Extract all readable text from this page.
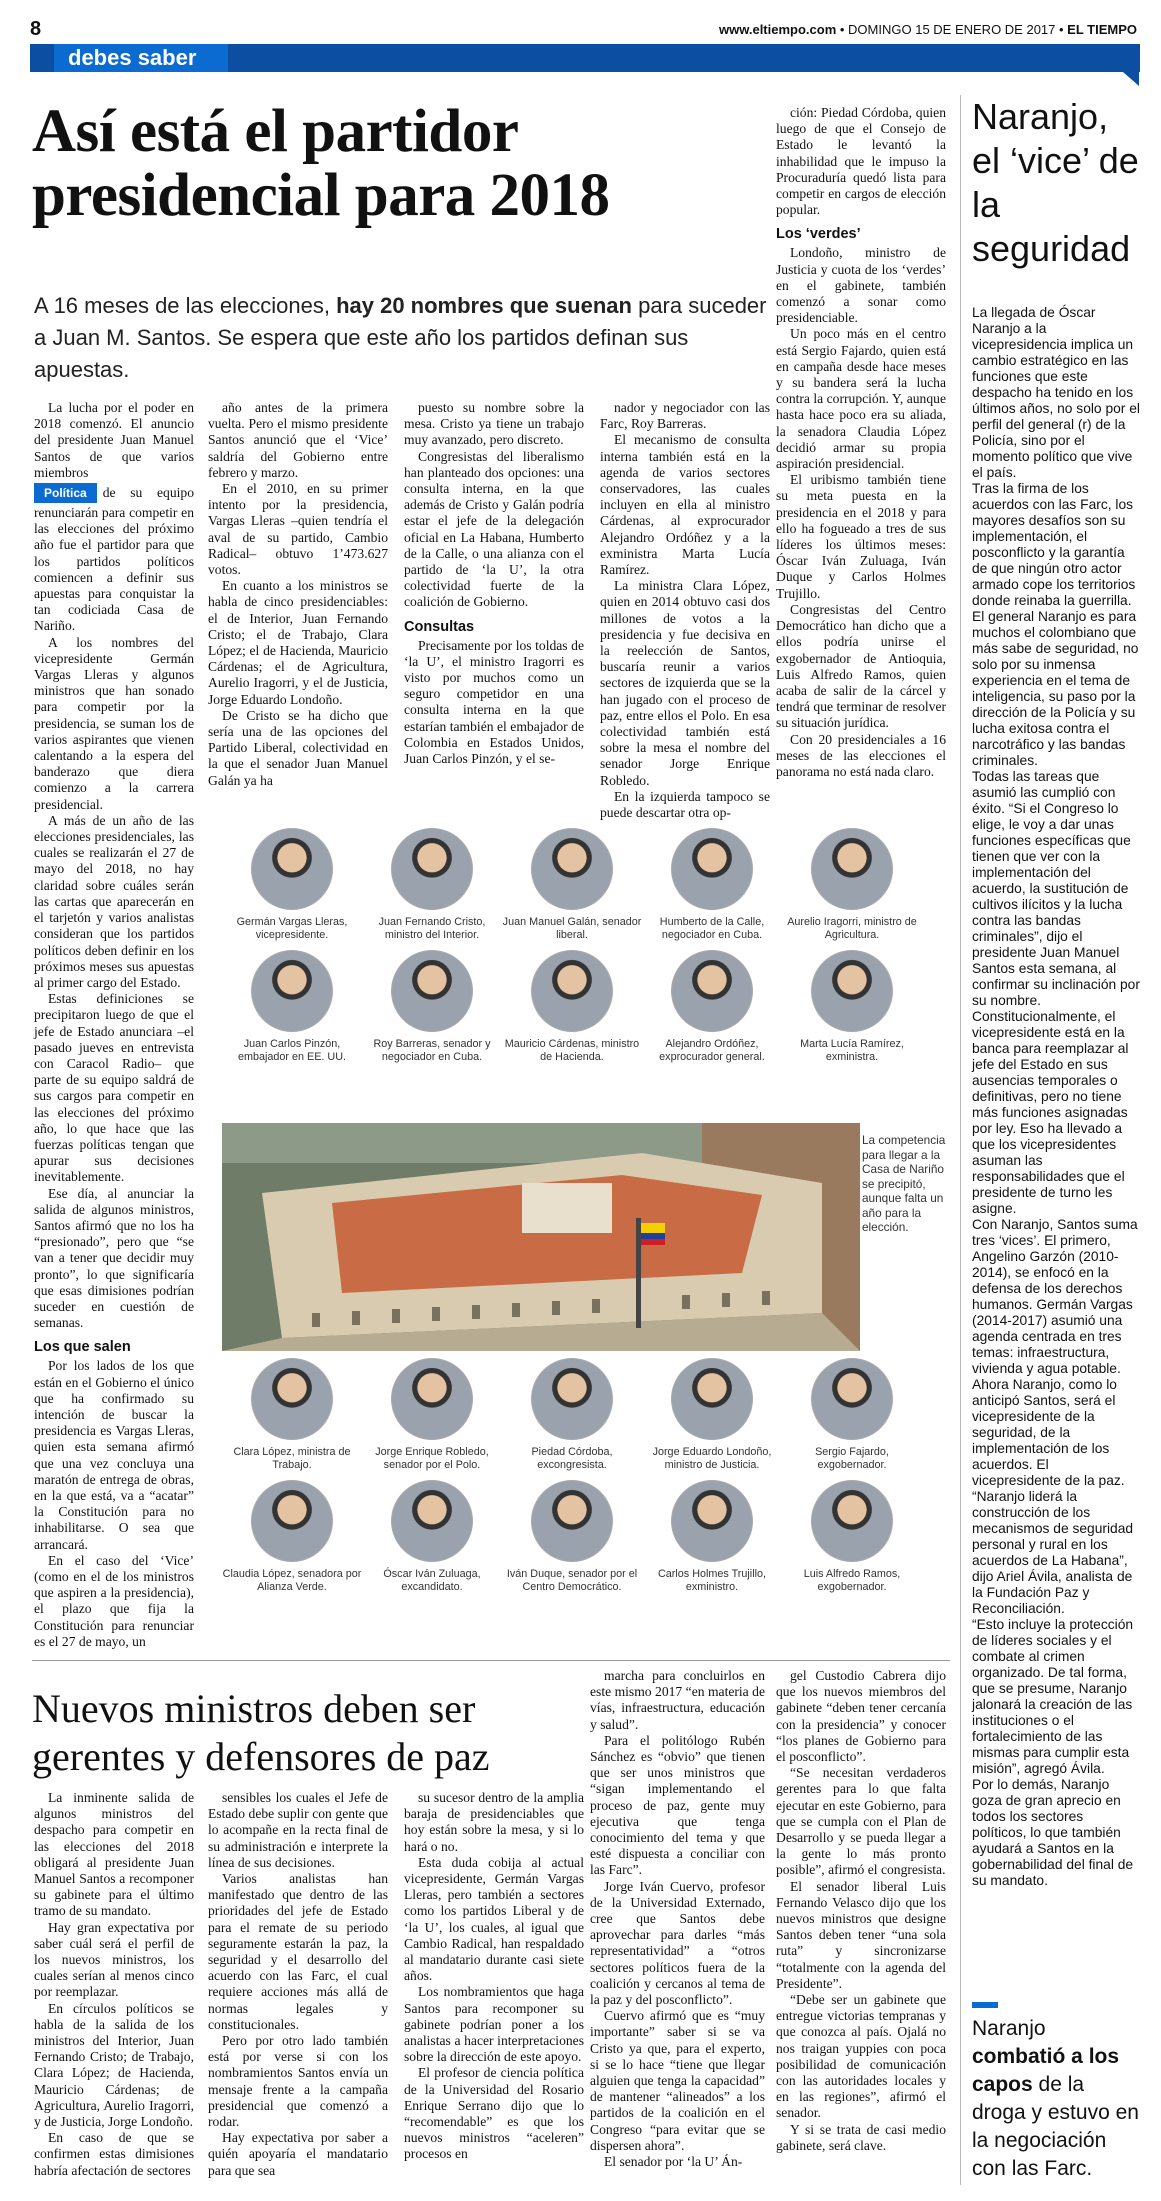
8	www.eltiempo.com • DOMINGO 15 DE ENERO DE 2017 • EL TIEMPO
debes saber
Así está el partidor presidencial para 2018
A 16 meses de las elecciones, hay 20 nombres que suenan para suceder a Juan M. Santos. Se espera que este año los partidos definan sus apuestas.

La lucha por el poder en 2018 comenzó. El anuncio del presidente Juan Manuel Santos de que varios miembros

Política de su equipo renunciarán para competir en las elecciones del próximo año fue el partidor para que los partidos políticos comiencen a definir sus apuestas para conquistar la tan codiciada Casa de Nariño.

A los nombres del vicepresidente Germán Vargas Lleras y algunos ministros que han sonado para competir por la presidencia, se suman los de varios aspirantes que vienen calentando a la espera del banderazo que diera comienzo a la carrera presidencial.

A más de un año de las elecciones presidenciales, las cuales se realizarán el 27 de mayo del 2018, no hay claridad sobre cuáles serán las cartas que aparecerán en el tarjetón y varios analistas consideran que los partidos políticos deben definir en los próximos meses sus apuestas al primer cargo del Estado.

Estas definiciones se precipitaron luego de que el jefe de Estado anunciara –el pasado jueves en entrevista con Caracol Radio– que parte de su equipo saldrá de sus cargos para competir en las elecciones del próximo año, lo que hace que las fuerzas políticas tengan que apurar sus decisiones inevitablemente.

Ese día, al anunciar la salida de algunos ministros, Santos afirmó que no los ha “presionado”, pero que “se van a tener que decidir muy pronto”, lo que significaría que esas dimisiones podrían suceder en cuestión de semanas.

Los que salen

Por los lados de los que están en el Gobierno el único que ha confirmado su intención de buscar la presidencia es Vargas Lleras, quien esta semana afirmó que una vez concluya una maratón de entrega de obras, en la que está, va a “acatar” la Constitución para no inhabilitarse. O sea que arrancará.

En el caso del ‘Vice’ (como en el de los ministros que aspiren a la presidencia), el plazo que fija la Constitución para renunciar es el 27 de mayo, un

año antes de la primera vuelta. Pero el mismo presidente Santos anunció que el ‘Vice’ saldría del Gobierno entre febrero y marzo.

En el 2010, en su primer intento por la presidencia, Vargas Lleras –quien tendría el aval de su partido, Cambio Radical– obtuvo 1’473.627 votos.

En cuanto a los ministros se habla de cinco presidenciables: el de Interior, Juan Fernando Cristo; el de Trabajo, Clara López; el de Hacienda, Mauricio Cárdenas; el de Agricultura, Aurelio Iragorri, y el de Justicia, Jorge Eduardo Londoño.

De Cristo se ha dicho que sería una de las opciones del Partido Liberal, colectividad en la que el senador Juan Manuel Galán ya ha

puesto su nombre sobre la mesa. Cristo ya tiene un trabajo muy avanzado, pero discreto.

Congresistas del liberalismo han planteado dos opciones: una consulta interna, en la que además de Cristo y Galán podría estar el jefe de la delegación oficial en La Habana, Humberto de la Calle, o una alianza con el partido de ‘la U’, la otra colectividad fuerte de la coalición de Gobierno.

Consultas

Precisamente por los toldas de ‘la U’, el ministro Iragorri es visto por muchos como un seguro competidor en una consulta interna en la que estarían también el embajador de Colombia en Estados Unidos, Juan Carlos Pinzón, y el se-

nador y negociador con las Farc, Roy Barreras.

El mecanismo de consulta interna también está en la agenda de varios sectores conservadores, las cuales incluyen en ella al ministro Cárdenas, al exprocurador Alejandro Ordóñez y a la exministra Marta Lucía Ramírez.

La ministra Clara López, quien en 2014 obtuvo casi dos millones de votos a la presidencia y fue decisiva en la reelección de Santos, buscaría reunir a varios sectores de izquierda que se la han jugado con el proceso de paz, entre ellos el Polo. En esa colectividad también está sobre la mesa el nombre del senador Jorge Enrique Robledo.

En la izquierda tampoco se puede descartar otra op-

ción: Piedad Córdoba, quien luego de que el Consejo de Estado le levantó la inhabilidad que le impuso la Procuraduría quedó lista para competir en cargos de elección popular.

Los ‘verdes’

Londoño, ministro de Justicia y cuota de los ‘verdes’ en el gabinete, también comenzó a sonar como presidenciable.

Un poco más en el centro está Sergio Fajardo, quien está en campaña desde hace meses y su bandera será la lucha contra la corrupción. Y, aunque hasta hace poco era su aliada, la senadora Claudia López decidió armar su propia aspiración presidencial.

El uribismo también tiene su meta puesta en la presidencia en el 2018 y para ello ha fogueado a tres de sus líderes los últimos meses: Óscar Iván Zuluaga, Iván Duque y Carlos Holmes Trujillo.

Congresistas del Centro Democrático han dicho que a ellos podría unirse el exgobernador de Antioquia, Luis Alfredo Ramos, quien acaba de salir de la cárcel y tendrá que terminar de resolver su situación jurídica.

Con 20 presidenciales a 16 meses de las elecciones el panorama no está nada claro.

Germán Vargas Lleras, vicepresidente.
Juan Fernando Cristo, ministro del Interior.
Juan Manuel Galán, senador liberal.
Humberto de la Calle, negociador en Cuba.
Aurelio Iragorri, ministro de Agricultura.
Juan Carlos Pinzón, embajador en EE. UU.
Roy Barreras, senador y negociador en Cuba.
Mauricio Cárdenas, ministro de Hacienda.
Alejandro Ordóñez, exprocurador general.
Marta Lucía Ramírez, exministra.
La competencia para llegar a la Casa de Nariño se precipitó, aunque falta un año para la elección.
Clara López, ministra de Trabajo.
Jorge Enrique Robledo, senador por el Polo.
Piedad Córdoba, excongresista.
Jorge Eduardo Londoño, ministro de Justicia.
Sergio Fajardo, exgobernador.
Claudia López, senadora por Alianza Verde.
Óscar Iván Zuluaga, excandidato.
Iván Duque, senador por el Centro Democrático.
Carlos Holmes Trujillo, exministro.
Luis Alfredo Ramos, exgobernador.
Naranjo, el ‘vice’ de la seguridad

La llegada de Óscar Naranjo a la vicepresidencia implica un cambio estratégico en las funciones que este despacho ha tenido en los últimos años, no solo por el perfil del general (r) de la Policía, sino por el momento político que vive el país.

Tras la firma de los acuerdos con las Farc, los mayores desafíos son su implementación, el posconflicto y la garantía de que ningún otro actor armado cope los territorios donde reinaba la guerrilla.

El general Naranjo es para muchos el colombiano que más sabe de seguridad, no solo por su inmensa experiencia en el tema de inteligencia, su paso por la dirección de la Policía y su lucha exitosa contra el narcotráfico y las bandas criminales.

Todas las tareas que asumió las cumplió con éxito. “Si el Congreso lo elige, le voy a dar unas funciones específicas que tienen que ver con la implementación del acuerdo, la sustitución de cultivos ilícitos y la lucha contra las bandas criminales”, dijo el presidente Juan Manuel Santos esta semana, al confirmar su inclinación por su nombre.

Constitucionalmente, el vicepresidente está en la banca para reemplazar al jefe del Estado en sus ausencias temporales o definitivas, pero no tiene más funciones asignadas por ley. Eso ha llevado a que los vicepresidentes asuman las responsabilidades que el presidente de turno les asigne.

Con Naranjo, Santos suma tres ‘vices’. El primero, Angelino Garzón (2010-2014), se enfocó en la defensa de los derechos humanos. Germán Vargas (2014-2017) asumió una agenda centrada en tres temas: infraestructura, vivienda y agua potable. Ahora Naranjo, como lo anticipó Santos, será el vicepresidente de la seguridad, de la implementación de los acuerdos. El vicepresidente de la paz.

“Naranjo liderá la construcción de los mecanismos de seguridad personal y rural en los acuerdos de La Habana”, dijo Ariel Ávila, analista de la Fundación Paz y Reconciliación.

“Esto incluye la protección de líderes sociales y el combate al crimen organizado. De tal forma, que se presume, Naranjo jalonará la creación de las instituciones o el fortalecimiento de las mismas para cumplir esta misión”, agregó Ávila.

Por lo demás, Naranjo goza de gran aprecio en todos los sectores políticos, lo que también ayudará a Santos en la gobernabilidad del final de su mandato.

Naranjo combatió a los capos de la droga y estuvo en la negociación con las Farc.
Nuevos ministros deben ser gerentes y defensores de paz

La inminente salida de algunos ministros del despacho para competir en las elecciones del 2018 obligará al presidente Juan Manuel Santos a recomponer su gabinete para el último tramo de su mandato.

Hay gran expectativa por saber cuál será el perfil de los nuevos ministros, los cuales serían al menos cinco por reemplazar.

En círculos políticos se habla de la salida de los ministros del Interior, Juan Fernando Cristo; de Trabajo, Clara López; de Hacienda, Mauricio Cárdenas; de Agricultura, Aurelio Iragorri, y de Justicia, Jorge Londoño.

En caso de que se confirmen estas dimisiones habría afectación de sectores

sensibles los cuales el Jefe de Estado debe suplir con gente que lo acompañe en la recta final de su administración e interprete la línea de sus decisiones.

Varios analistas han manifestado que dentro de las prioridades del jefe de Estado para el remate de su periodo seguramente estarán la paz, la seguridad y el desarrollo del acuerdo con las Farc, el cual requiere acciones más allá de normas legales y constitucionales.

Pero por otro lado también está por verse si con los nombramientos Santos envía un mensaje frente a la campaña presidencial que comenzó a rodar.

Hay expectativa por saber a quién apoyaría el mandatario para que sea

su sucesor dentro de la amplia baraja de presidenciables que hoy están sobre la mesa, y si lo hará o no.

Esta duda cobija al actual vicepresidente, Germán Vargas Lleras, pero también a sectores como los partidos Liberal y de ‘la U’, los cuales, al igual que Cambio Radical, han respaldado al mandatario durante casi siete años.

Los nombramientos que haga Santos para recomponer su gabinete podrían poner a los analistas a hacer interpretaciones sobre la dirección de este apoyo.

El profesor de ciencia política de la Universidad del Rosario Enrique Serrano dijo que lo “recomendable” es que los nuevos ministros “aceleren” procesos en

marcha para concluirlos en este mismo 2017 “en materia de vías, infraestructura, educación y salud”.

Para el politólogo Rubén Sánchez es “obvio” que tienen que ser unos ministros que “sigan implementando el proceso de paz, gente muy ejecutiva que tenga conocimiento del tema y que esté dispuesta a conciliar con las Farc”.

Jorge Iván Cuervo, profesor de la Universidad Externado, cree que Santos debe aprovechar para darles “más representatividad” a “otros sectores políticos fuera de la coalición y cercanos al tema de la paz y del posconflicto”.

Cuervo afirmó que es “muy importante” saber si se va Cristo ya que, para el experto, si se lo hace “tiene que llegar alguien que tenga la capacidad” de mantener “alineados” a los partidos de la coalición en el Congreso “para evitar que se dispersen ahora”.

El senador por ‘la U’ Án-

gel Custodio Cabrera dijo que los nuevos miembros del gabinete “deben tener cercanía con la presidencia” y conocer “los planes de Gobierno para el posconflicto”.

“Se necesitan verdaderos gerentes para lo que falta ejecutar en este Gobierno, para que se cumpla con el Plan de Desarrollo y se pueda llegar a la gente lo más pronto posible”, afirmó el congresista.

El senador liberal Luis Fernando Velasco dijo que los nuevos ministros que designe Santos deben tener “una sola ruta” y sincronizarse “totalmente con la agenda del Presidente”.

“Debe ser un gabinete que entregue victorias tempranas y que conozca al país. Ojalá no nos traigan yuppies con poca posibilidad de comunicación con las autoridades locales y en las regiones”, afirmó el senador.

Y si se trata de casi medio gabinete, será clave.
